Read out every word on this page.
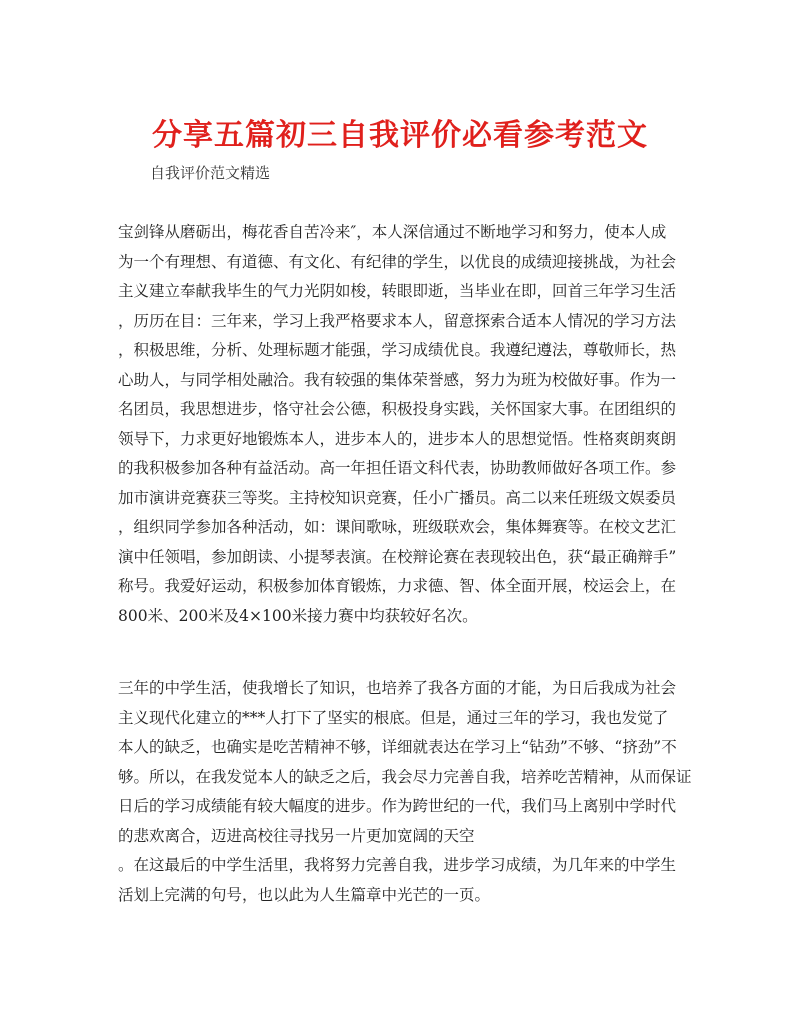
分享五篇初三自我评价必看参考范文
自我评价范文精选
宝剑锋从磨砺出，梅花香自苦冷来″，本人深信通过不断地学习和努力，使本人成
为一个有理想、有道德、有文化、有纪律的学生，以优良的成绩迎接挑战，为社会
主义建立奉献我毕生的气力光阴如梭，转眼即逝，当毕业在即，回首三年学习生活
，历历在目：三年来，学习上我严格要求本人，留意探索合适本人情况的学习方法
，积极思维，分析、处理标题才能强，学习成绩优良。我遵纪遵法，尊敬师长，热
心助人，与同学相处融洽。我有较强的集体荣誉感，努力为班为校做好事。作为一
名团员，我思想进步，恪守社会公德，积极投身实践，关怀国家大事。在团组织的
领导下，力求更好地锻炼本人，进步本人的，进步本人的思想觉悟。性格爽朗爽朗
的我积极参加各种有益活动。高一年担任语文科代表，协助教师做好各项工作。参
加市演讲竞赛获三等奖。主持校知识竞赛，任小广播员。高二以来任班级文娱委员
，组织同学参加各种活动，如：课间歌咏，班级联欢会，集体舞赛等。在校文艺汇
演中任领唱，参加朗读、小提琴表演。在校辩论赛在表现较出色，获“最正确辩手”
称号。我爱好运动，积极参加体育锻炼，力求德、智、体全面开展，校运会上，在
800米、200米及4×100米接力赛中均获较好名次。
三年的中学生活，使我增长了知识，也培养了我各方面的才能，为日后我成为社会
主义现代化建立的***人打下了坚实的根底。但是，通过三年的学习，我也发觉了
本人的缺乏，也确实是吃苦精神不够，详细就表达在学习上“钻劲”不够、“挤劲”不
够。所以，在我发觉本人的缺乏之后，我会尽力完善自我，培养吃苦精神，从而保证
日后的学习成绩能有较大幅度的进步。作为跨世纪的一代，我们马上离别中学时代
的悲欢离合，迈进高校往寻找另一片更加宽阔的天空
。在这最后的中学生活里，我将努力完善自我，进步学习成绩，为几年来的中学生
活划上完满的句号，也以此为人生篇章中光芒的一页。
